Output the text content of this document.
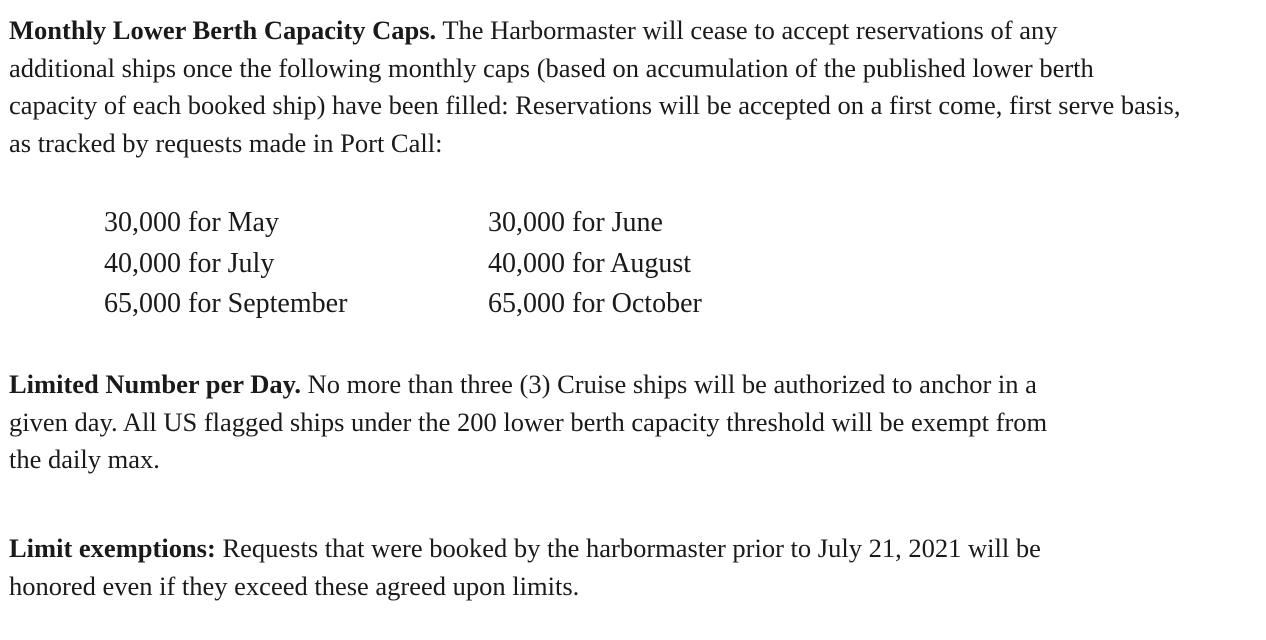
Monthly Lower Berth Capacity Caps. The Harbormaster will cease to accept reservations of any
additional ships once the following monthly caps (based on accumulation of the published lower berth
capacity of each booked ship) have been filled: Reservations will be accepted on a first come, first serve basis,
as tracked by requests made in Port Call:
30,000 for May	30,000 for June
40,000 for July	40,000 for August
65,000 for September	65,000 for October
Limited Number per Day. No more than three (3) Cruise ships will be authorized to anchor in a
given day. All US flagged ships under the 200 lower berth capacity threshold will be exempt from
the daily max.
Limit exemptions: Requests that were booked by the harbormaster prior to July 21, 2021 will be
honored even if they exceed these agreed upon limits.
